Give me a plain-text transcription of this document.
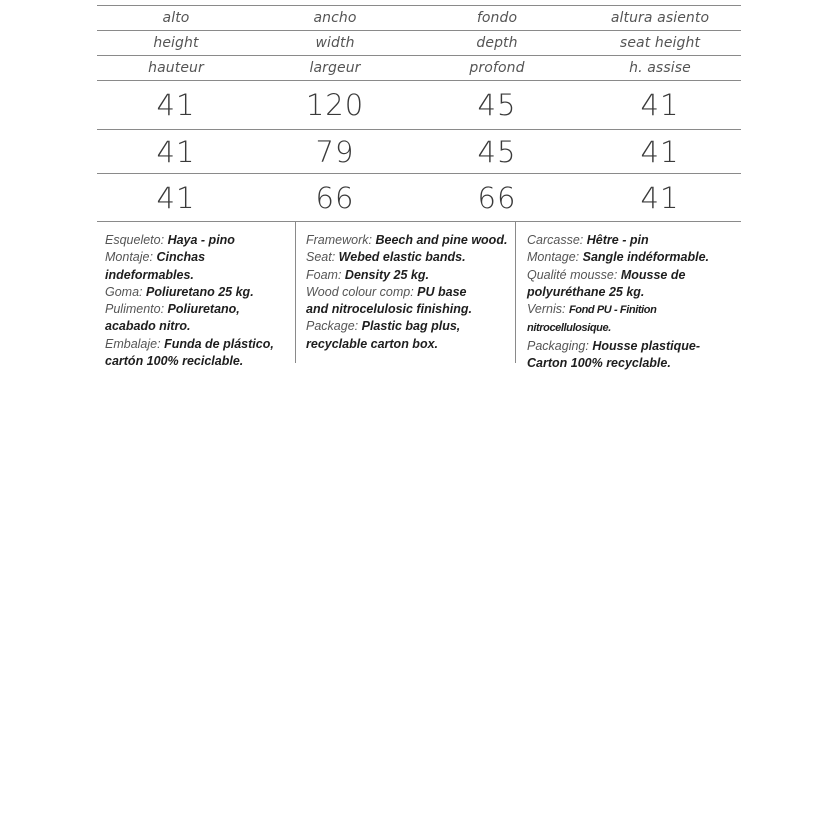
alto	ancho	fondo	altura asiento
height	width	depth	seat height
hauteur	largeur	profond	h. assise
41	120	45	41
41	79	45	41
41	66	66	41

Esqueleto: Haya - pino

Montaje: Cinchas indeformables.

Goma: Poliuretano 25 kg.

Pulimento: Poliuretano,

acabado nitro.

Embalaje: Funda de plástico,

cartón 100% reciclable.

Framework: Beech and pine wood.

Seat: Webed elastic bands.

Foam: Density 25 kg.

Wood colour comp: PU base

and nitrocelulosic finishing.

Package: Plastic bag plus,

recyclable carton box.

Carcasse: Hêtre - pin

Montage: Sangle indéformable.

Qualité mousse: Mousse de

polyuréthane 25 kg.

Vernis: Fond PU - Finition nitrocellulosique.

Packaging: Housse plastique-

Carton 100% recyclable.
